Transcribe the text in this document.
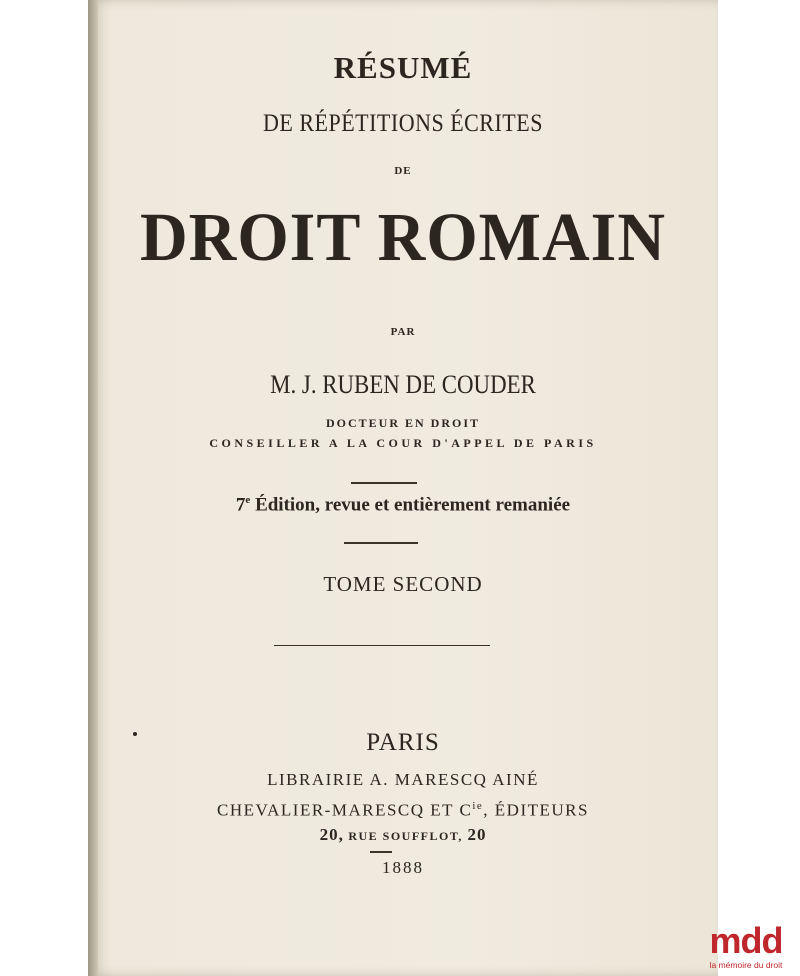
RÉSUMÉ
DE RÉPÉTITIONS ÉCRITES
DE
DROIT ROMAIN
PAR
M. J. RUBEN DE COUDER
DOCTEUR EN DROIT
CONSEILLER A LA COUR D'APPEL DE PARIS
7e Édition, revue et entièrement remaniée
TOME SECOND
PARIS
LIBRAIRIE A. MARESCQ AINÉ
CHEVALIER-MARESCQ ET $C^{ie}$, ÉDITEURS
20, RUE SOUFFLOT, 20
1888
mdd
la mémoire du droit
